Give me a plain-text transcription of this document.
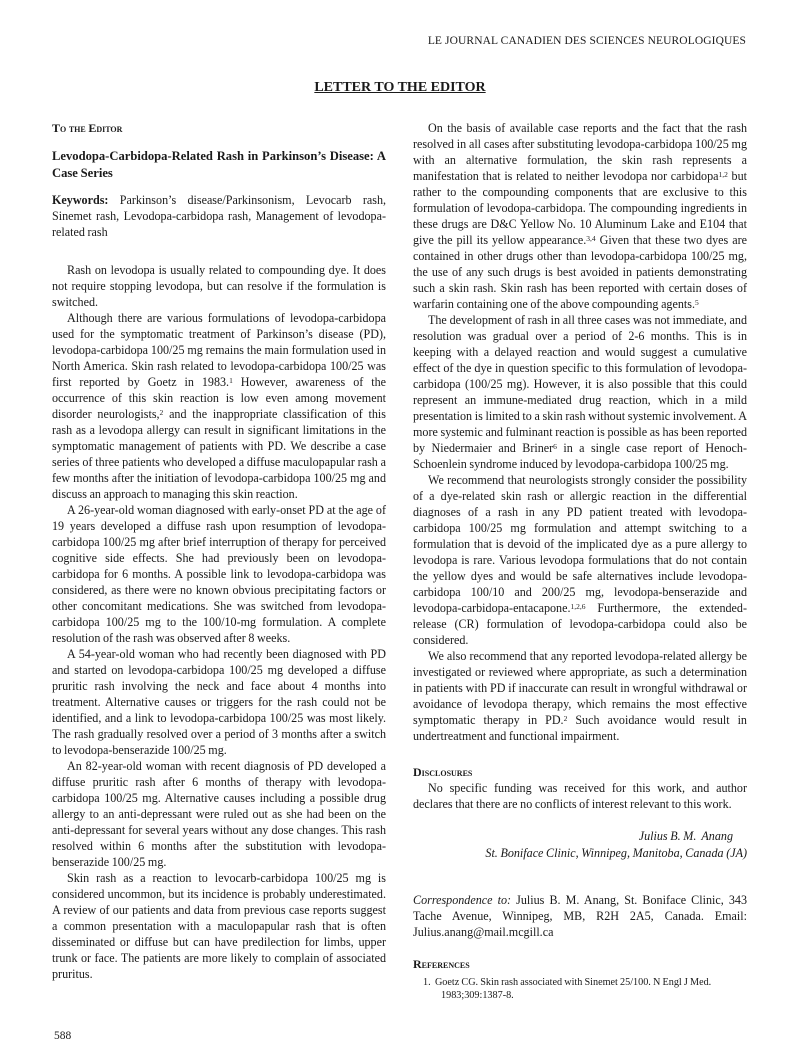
LE JOURNAL CANADIEN DES SCIENCES NEUROLOGIQUES
LETTER TO THE EDITOR

To the Editor

Levodopa-Carbidopa-Related Rash in Parkinson’s Disease: A Case Series

Keywords: Parkinson’s disease/Parkinsonism, Levocarb rash, Sinemet rash, Levodopa-carbidopa rash, Management of levodopa-related rash

Rash on levodopa is usually related to compounding dye. It does not require stopping levodopa, but can resolve if the formulation is switched.

Although there are various formulations of levodopa-carbidopa used for the symptomatic treatment of Parkinson’s disease (PD), levodopa-carbidopa 100/25 mg remains the main formulation used in North America. Skin rash related to levodopa-carbidopa 100/25 was first reported by Goetz in 1983.$^1$ However, awareness of the occurrence of this skin reaction is low even among movement disorder neurologists,$^2$ and the inappropriate classification of this rash as a levodopa allergy can result in significant limitations in the symptomatic management of patients with PD. We describe a case series of three patients who developed a diffuse maculopapular rash a few months after the initiation of levodopa-carbidopa 100/25 mg and discuss an approach to managing this skin reaction.

A 26-year-old woman diagnosed with early-onset PD at the age of 19 years developed a diffuse rash upon resumption of levodopa-carbidopa 100/25 mg after brief interruption of therapy for perceived cognitive side effects. She had previously been on levodopa-carbidopa for 6 months. A possible link to levodopa-carbidopa was considered, as there were no known obvious precipitating factors or other concomitant medications. She was switched from levodopa-carbidopa 100/25 mg to the 100/10-mg formulation. A complete resolution of the rash was observed after 8 weeks.

A 54-year-old woman who had recently been diagnosed with PD and started on levodopa-carbidopa 100/25 mg developed a diffuse pruritic rash involving the neck and face about 4 months into treatment. Alternative causes or triggers for the rash could not be identified, and a link to levodopa-carbidopa 100/25 was most likely. The rash gradually resolved over a period of 3 months after a switch to levodopa-benserazide 100/25 mg.

An 82-year-old woman with recent diagnosis of PD developed a diffuse pruritic rash after 6 months of therapy with levodopa-carbidopa 100/25 mg. Alternative causes including a possible drug allergy to an anti-depressant were ruled out as she had been on the anti-depressant for several years without any dose changes. This rash resolved within 6 months after the substitution with levodopa-benserazide 100/25 mg.

Skin rash as a reaction to levocarb-carbidopa 100/25 mg is considered uncommon, but its incidence is probably underestimated. A review of our patients and data from previous case reports suggest a common presentation with a maculopapular rash that is often disseminated or diffuse but can have predilection for limbs, upper trunk or face. The patients are more likely to complain of associated pruritus.

On the basis of available case reports and the fact that the rash resolved in all cases after substituting levodopa-carbidopa 100/25 mg with an alternative formulation, the skin rash represents a manifestation that is related to neither levodopa nor carbidopa$^{1,2}$ but rather to the compounding components that are exclusive to this formulation of levodopa-carbidopa. The compounding ingredients in these drugs are D&C Yellow No. 10 Aluminum Lake and E104 that give the pill its yellow appearance.$^{3,4}$ Given that these two dyes are contained in other drugs other than levodopa-carbidopa 100/25 mg, the use of any such drugs is best avoided in patients demonstrating such a skin rash. Skin rash has been reported with certain doses of warfarin containing one of the above compounding agents.$^5$

The development of rash in all three cases was not immediate, and resolution was gradual over a period of 2-6 months. This is in keeping with a delayed reaction and would suggest a cumulative effect of the dye in question specific to this formulation of levodopa-carbidopa (100/25 mg). However, it is also possible that this could represent an immune-mediated drug reaction, which in a mild presentation is limited to a skin rash without systemic involvement. A more systemic and fulminant reaction is possible as has been reported by Niedermaier and Briner$^6$ in a single case report of Henoch-Schoenlein syndrome induced by levodopa-carbidopa 100/25 mg.

We recommend that neurologists strongly consider the possibility of a dye-related skin rash or allergic reaction in the differential diagnoses of a rash in any PD patient treated with levodopa-carbidopa 100/25 mg formulation and attempt switching to a formulation that is devoid of the implicated dye as a pure allergy to levodopa is rare. Various levodopa formulations that do not contain the yellow dyes and would be safe alternatives include levodopa-carbidopa 100/10 and 200/25 mg, levodopa-benserazide and levodopa-carbidopa-entacapone.$^{1,2,6}$ Furthermore, the extended-release (CR) formulation of levodopa-carbidopa could also be considered.

We also recommend that any reported levodopa-related allergy be investigated or reviewed where appropriate, as such a determination in patients with PD if inaccurate can result in wrongful withdrawal or avoidance of levodopa therapy, which remains the most effective symptomatic therapy in PD.$^2$ Such avoidance would result in undertreatment and functional impairment.

Disclosures

No specific funding was received for this work, and author declares that there are no conflicts of interest relevant to this work.

Julius B. M.  Anang
St. Boniface Clinic, Winnipeg, Manitoba, Canada (JA)

Correspondence to: Julius B. M. Anang, St. Boniface Clinic, 343 Tache Avenue, Winnipeg, MB, R2H 2A5, Canada. Email: Julius.anang@mail.mcgill.ca

References

1. Goetz CG. Skin rash associated with Sinemet 25/100. N Engl J Med. 1983;309:1387-8.
588
